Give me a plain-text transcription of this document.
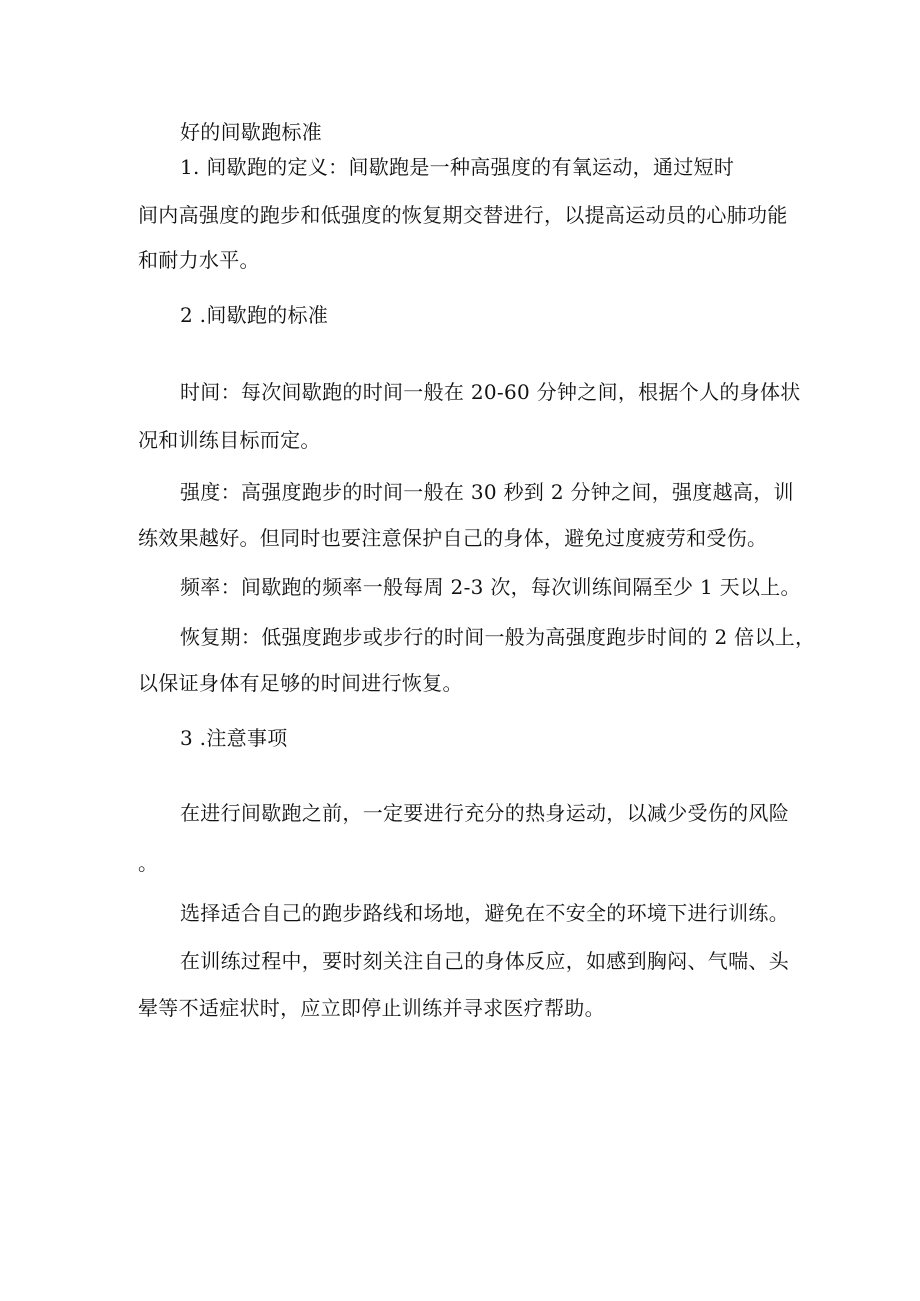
好的间歇跑标准

1. 间歇跑的定义：间歇跑是一种高强度的有氧运动，通过短时

间内高强度的跑步和低强度的恢复期交替进行，以提高运动员的心肺功能

和耐力水平。

2 .间歇跑的标准

时间：每次间歇跑的时间一般在 20-60 分钟之间，根据个人的身体状

况和训练目标而定。

强度：高强度跑步的时间一般在 30 秒到 2 分钟之间，强度越高，训

练效果越好。但同时也要注意保护自己的身体，避免过度疲劳和受伤。

频率：间歇跑的频率一般每周 2-3 次，每次训练间隔至少 1 天以上。

恢复期：低强度跑步或步行的时间一般为高强度跑步时间的 2 倍以上，

以保证身体有足够的时间进行恢复。

3 .注意事项

在进行间歇跑之前，一定要进行充分的热身运动，以减少受伤的风险

。

选择适合自己的跑步路线和场地，避免在不安全的环境下进行训练。

在训练过程中，要时刻关注自己的身体反应，如感到胸闷、气喘、头

晕等不适症状时，应立即停止训练并寻求医疗帮助。
